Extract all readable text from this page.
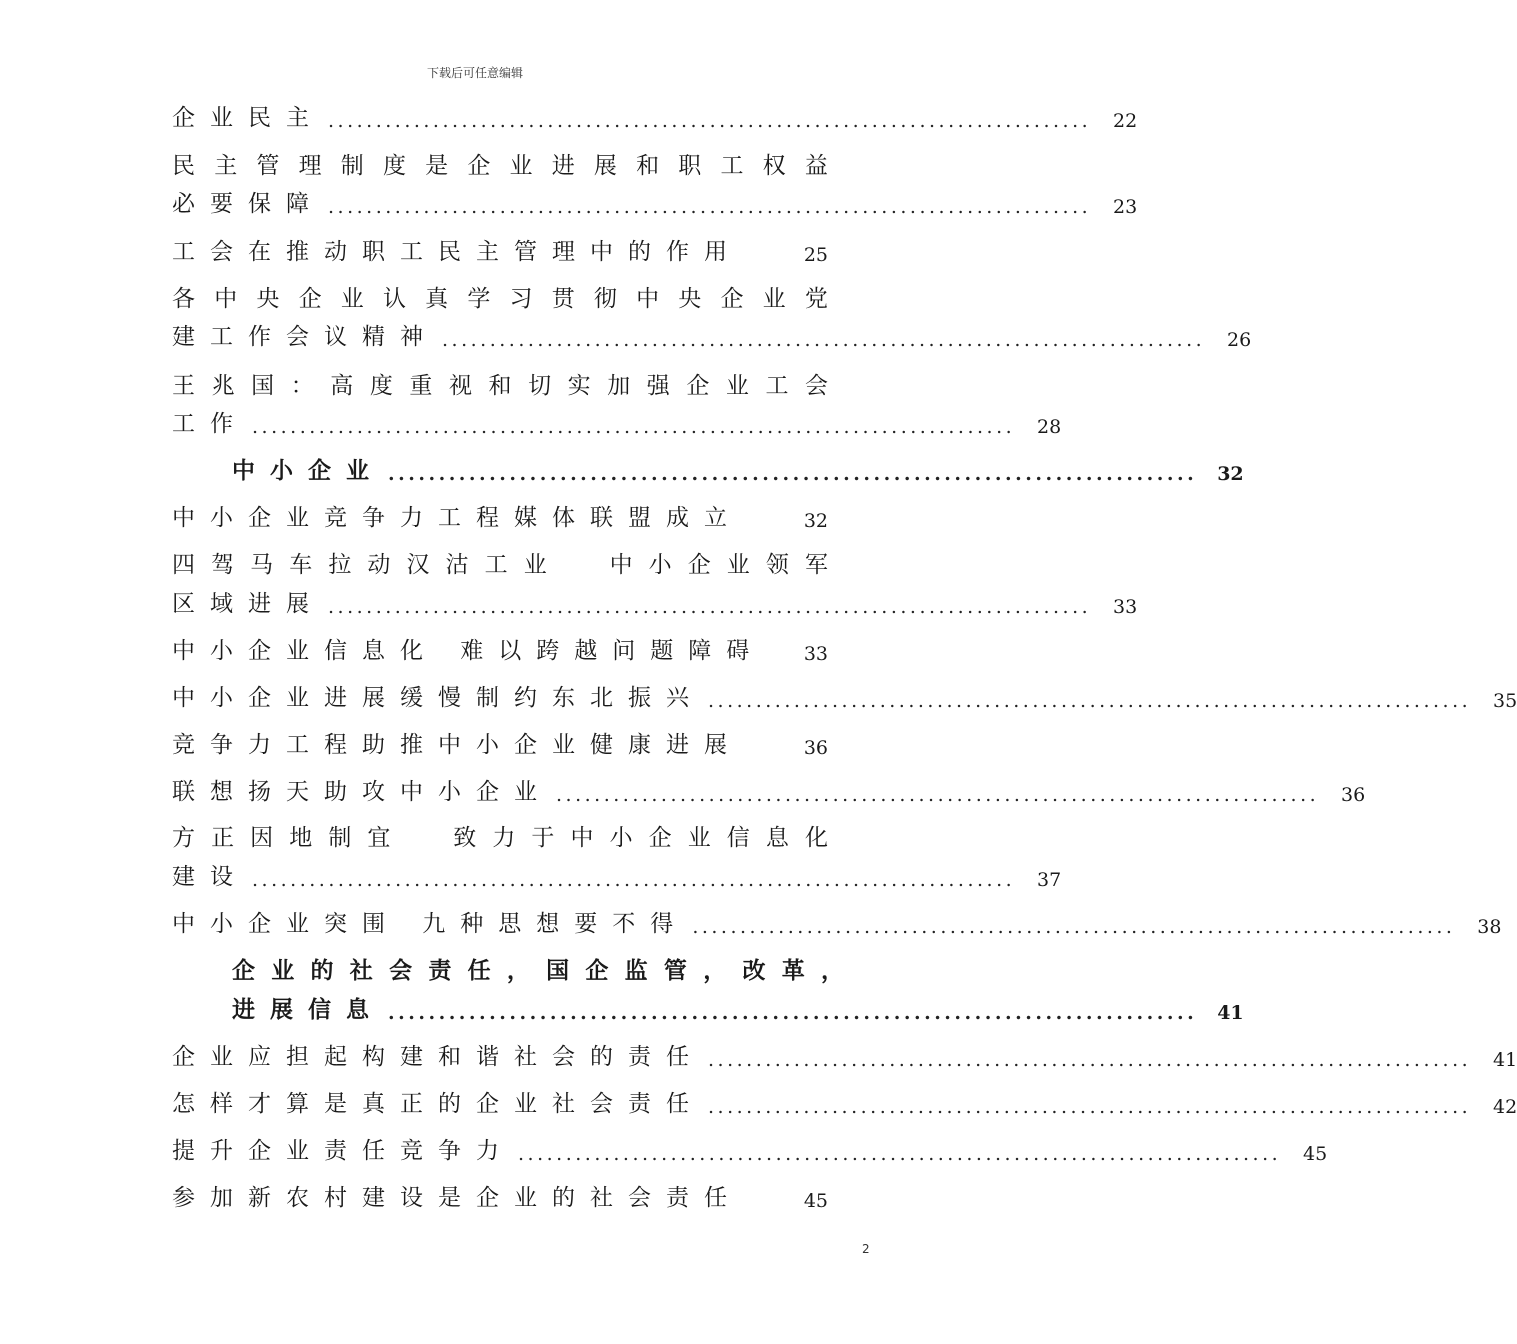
下载后可任意编辑
企业民主 ................................................................................ 22
民 主 管 理 制 度 是 企 业 进 展 和 职 工 权 益
必要保障 ................................................................................ 23
工会在推动职工民主管理中的作用	25
各 中 央 企 业 认 真 学 习 贯 彻 中 央 企 业 党
建工作会议精神 ................................................................................ 26
王 兆 国 ： 高 度 重 视 和 切 实 加 强 企 业 工 会
工作 ................................................................................ 28
中小企业 ................................................................................ 32
中小企业竞争力工程媒体联盟成立	32
四 驾 马 车 拉 动 汉 沽 工 业

	中 小 企 业 领 军
区域进展 ................................................................................ 33
中小企业信息化 难以跨越问题障碍 33
中小企业进展缓慢制约东北振兴 ................................................................................ 35
竞争力工程助推中小企业健康进展	36
联想扬天助攻中小企业 ................................................................................ 36
方 正 因 地 制 宜

	致 力 于 中 小 企 业 信 息 化
建设 ................................................................................ 37
中小企业突围 九种思想要不得 ................................................................................ 38
企 业 的 社 会 责 任 ， 国 企 监 管 ， 改 革 ，
进展信息 ................................................................................ 41
企业应担起构建和谐社会的责任 ................................................................................ 41
怎样才算是真正的企业社会责任 ................................................................................ 42
提升企业责任竞争力 ................................................................................ 45
参加新农村建设是企业的社会责任	45
2
